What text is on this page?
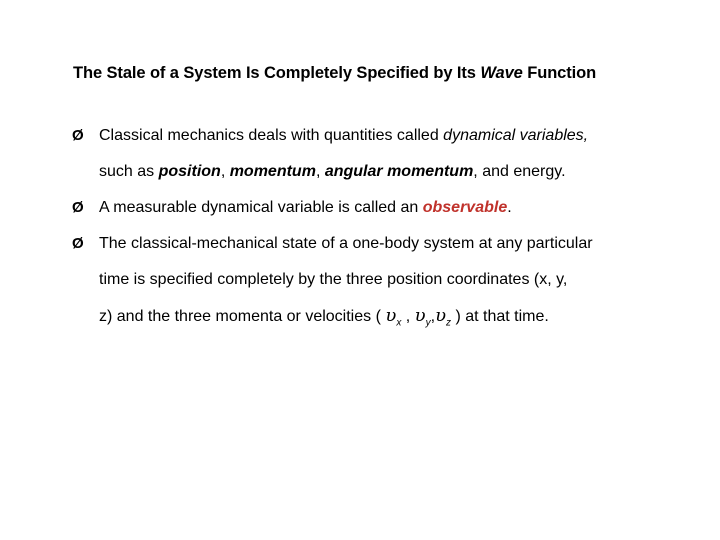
The Stale of a System Is Completely Specified by Its Wave Function
Ø Classical mechanics deals with quantities called dynamical variables,
such as position, momentum, angular momentum, and energy.
Ø A measurable dynamical variable is called an observable.
Ø The classical-mechanical state of a one-body system at any particular
time is specified completely by the three position coordinates (x, y,
z) and the three momenta or velocities ( $\upsilon_x$ , $\upsilon_y,\upsilon_z$ ) at that time.
